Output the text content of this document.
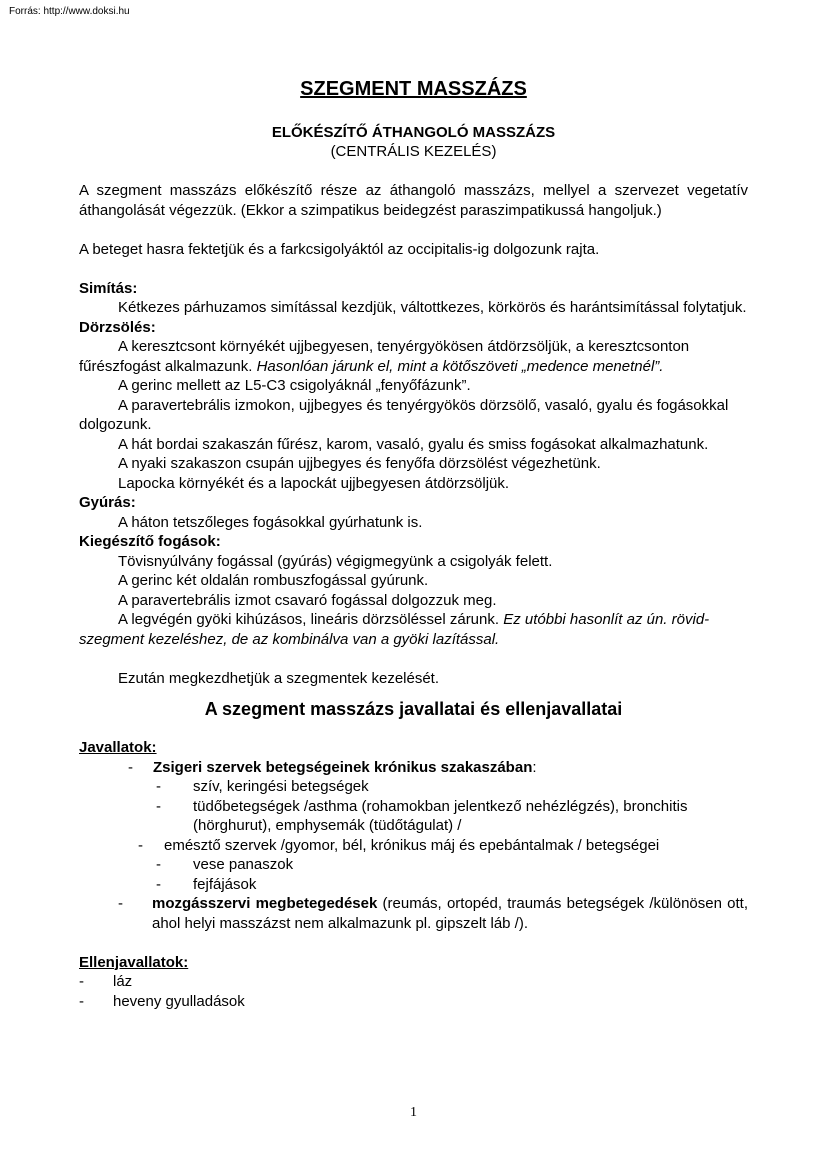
Forrás: http://www.doksi.hu
SZEGMENT MASSZÁZS
ELŐKÉSZÍTŐ ÁTHANGOLÓ MASSZÁZS
(CENTRÁLIS KEZELÉS)

A szegment masszázs előkészítő része az áthangoló masszázs, mellyel a szervezet vegetatív áthangolását végezzük. (Ekkor a szimpatikus beidegzést paraszimpatikussá hangoljuk.)

A beteget hasra fektetjük és a farkcsigolyáktól az occipitalis-ig dolgozunk rajta.

Simítás:

Kétkezes párhuzamos simítással kezdjük, váltottkezes, körkörös és harántsimítással folytatjuk.

Dörzsölés:

A keresztcsont környékét ujjbegyesen, tenyérgyökösen átdörzsöljük, a keresztcsonton fűrészfogást alkalmazunk. Hasonlóan járunk el, mint a kötőszöveti „medence menetnél”.

A gerinc mellett az L5-C3 csigolyáknál „fenyőfázunk”.

A paravertebrális izmokon, ujjbegyes és tenyérgyökös dörzsölő, vasaló, gyalu és fogásokkal dolgozunk.

A hát bordai szakaszán fűrész, karom, vasaló, gyalu és smiss fogásokat alkalmazhatunk.

A nyaki szakaszon csupán ujjbegyes és fenyőfa dörzsölést végezhetünk.

Lapocka környékét és a lapockát ujjbegyesen átdörzsöljük.

Gyúrás:

A háton tetszőleges fogásokkal gyúrhatunk is.

Kiegészítő fogások:

Tövisnyúlvány fogással (gyúrás) végigmegyünk a csigolyák felett.

A gerinc két oldalán rombuszfogással gyúrunk.

A paravertebrális izmot csavaró fogással dolgozzuk meg.

A legvégén gyöki kihúzásos, lineáris dörzsöléssel zárunk. Ez utóbbi hasonlít az ún. rövid-szegment kezeléshez, de az kombinálva van a gyöki lazítással.

Ezután megkezdhetjük a szegmentek kezelését.

A szegment masszázs javallatai és ellenjavallatai

Javallatok:

-	Zsigeri szervek betegségeinek krónikus szakaszában:
-	szív, keringési betegségek
-	tüdőbetegségek /asthma (rohamokban jelentkező nehézlégzés), bronchitis (hörghurut), emphysemák (tüdőtágulat) /
-	emésztő szervek /gyomor, bél, krónikus máj és epebántalmak / betegségei
-	vese panaszok
-	fejfájások
-	mozgásszervi megbetegedések (reumás, ortopéd, traumás betegségek /különösen ott, ahol helyi masszázst nem alkalmazunk pl. gipszelt láb /).

Ellenjavallatok:

-	láz
-	heveny gyulladások
1
